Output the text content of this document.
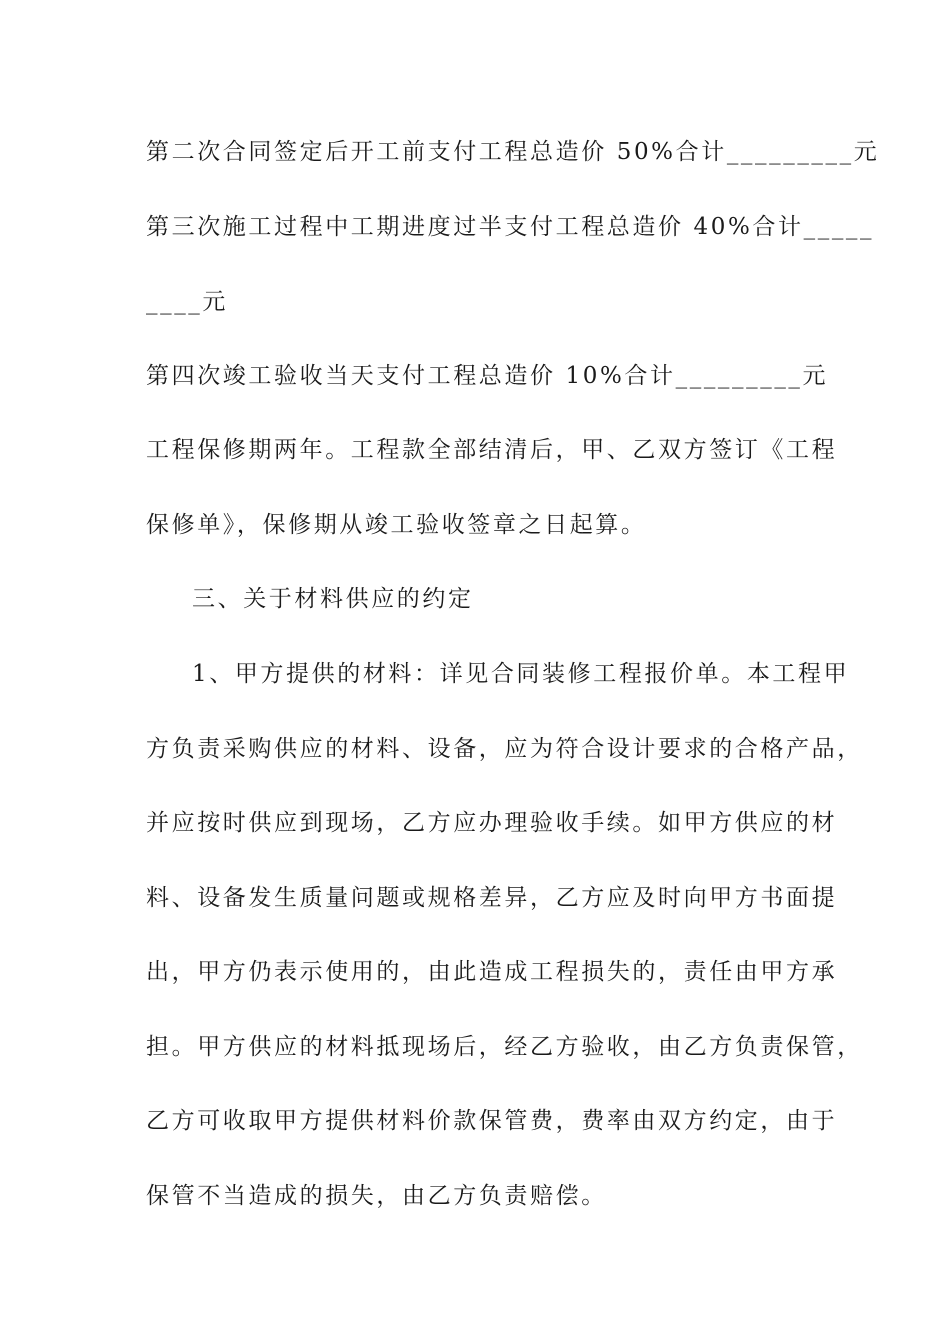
第二次合同签定后开工前支付工程总造价 50%合计_________元
第三次施工过程中工期进度过半支付工程总造价 40%合计_____
____元
第四次竣工验收当天支付工程总造价 10%合计_________元
工程保修期两年。工程款全部结清后，甲、乙双方签订《工程
保修单》，保修期从竣工验收签章之日起算。
三、关于材料供应的约定
1、甲方提供的材料：详见合同装修工程报价单。本工程甲
方负责采购供应的材料、设备，应为符合设计要求的合格产品，
并应按时供应到现场，乙方应办理验收手续。如甲方供应的材
料、设备发生质量问题或规格差异，乙方应及时向甲方书面提
出，甲方仍表示使用的，由此造成工程损失的，责任由甲方承
担。甲方供应的材料抵现场后，经乙方验收，由乙方负责保管，
乙方可收取甲方提供材料价款保管费，费率由双方约定，由于
保管不当造成的损失，由乙方负责赔偿。
